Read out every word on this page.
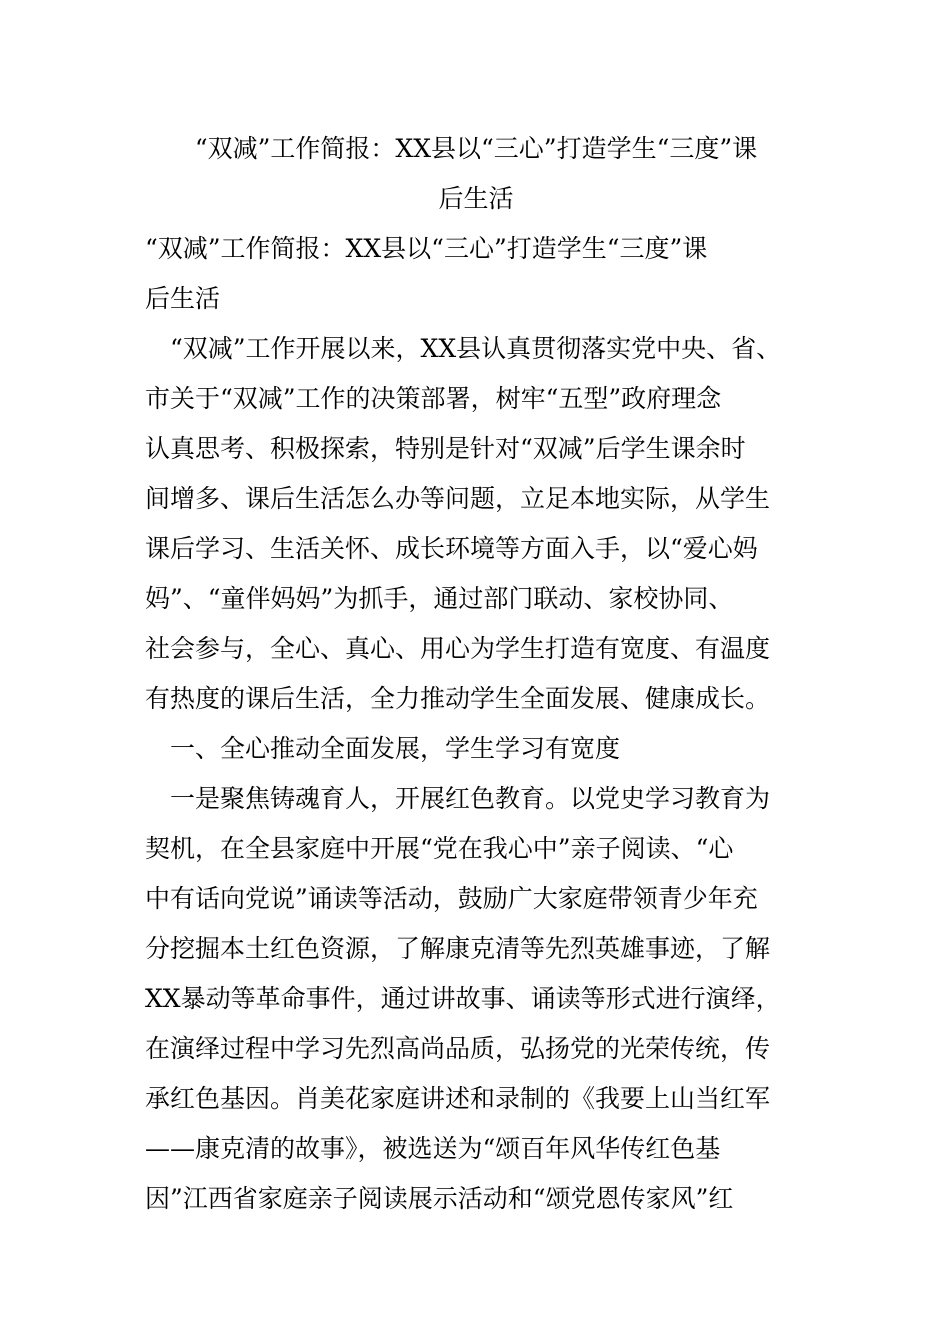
“双减”工作简报：XX县以“三心”打造学生“三度”课
后生活

“双减”工作简报：XX县以“三心”打造学生“三度”课
后生活

　“双减”工作开展以来，XX县认真贯彻落实党中央、省、
市关于“双减”工作的决策部署，树牢“五型”政府理念
认真思考、积极探索，特别是针对“双减”后学生课余时
间增多、课后生活怎么办等问题，立足本地实际，从学生
课后学习、生活关怀、成长环境等方面入手，以“爱心妈
妈”、“童伴妈妈”为抓手，通过部门联动、家校协同、
社会参与，全心、真心、用心为学生打造有宽度、有温度
有热度的课后生活，全力推动学生全面发展、健康成长。

　一、全心推动全面发展，学生学习有宽度

　一是聚焦铸魂育人，开展红色教育。以党史学习教育为
契机，在全县家庭中开展“党在我心中”亲子阅读、“心
中有话向党说”诵读等活动，鼓励广大家庭带领青少年充
分挖掘本土红色资源，了解康克清等先烈英雄事迹，了解
XX暴动等革命事件，通过讲故事、诵读等形式进行演绎，
在演绎过程中学习先烈高尚品质，弘扬党的光荣传统，传
承红色基因。肖美花家庭讲述和录制的《我要上山当红军
——康克清的故事》，被选送为“颂百年风华传红色基
因”江西省家庭亲子阅读展示活动和“颂党恩传家风”红
